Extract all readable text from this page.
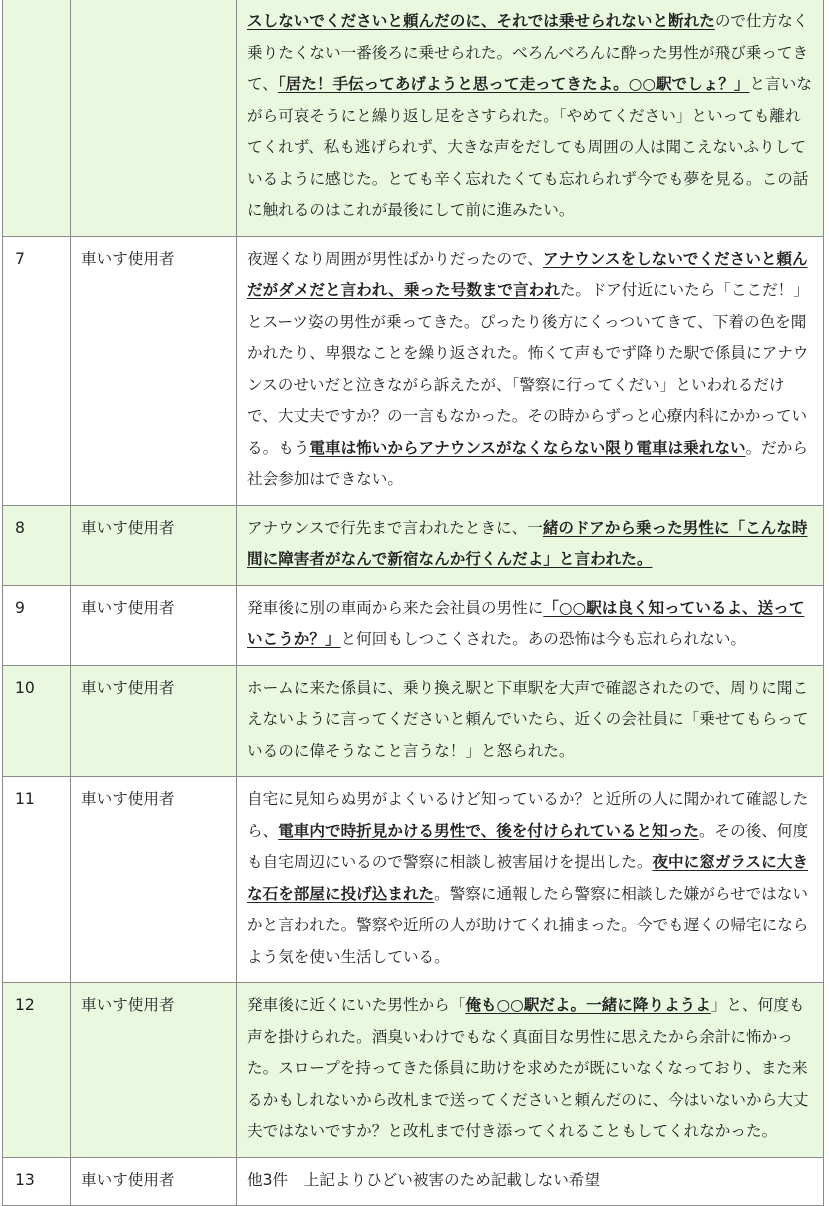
		スしないでくださいと頼んだのに、それでは乗せられないと断れたので仕方なく乗りたくない一番後ろに乗せられた。べろんべろんに酔った男性が飛び乗ってきて、「居た！手伝ってあげようと思って走ってきたよ。○○駅でしょ？」と言いながら可哀そうにと繰り返し足をさすられた。「やめてください」といっても離れてくれず、私も逃げられず、大きな声をだしても周囲の人は聞こえないふりしているように感じた。とても辛く忘れたくても忘れられず今でも夢を見る。この話に触れるのはこれが最後にして前に進みたい。
7	車いす使用者	夜遅くなり周囲が男性ばかりだったので、アナウンスをしないでくださいと頼んだがダメだと言われ、乗った号数まで言われた。ドア付近にいたら「ここだ！」とスーツ姿の男性が乗ってきた。ぴったり後方にくっついてきて、下着の色を聞かれたり、卑猥なことを繰り返された。怖くて声もでず降りた駅で係員にアナウンスのせいだと泣きながら訴えたが、「警察に行ってくだい」といわれるだけで、大丈夫ですか？の一言もなかった。その時からずっと心療内科にかかっている。もう電車は怖いからアナウンスがなくならない限り電車は乗れない。だから社会参加はできない。
8	車いす使用者	アナウンスで行先まで言われたときに、一緒のドアから乗った男性に「こんな時間に障害者がなんで新宿なんか行くんだよ」と言われた。
9	車いす使用者	発車後に別の車両から来た会社員の男性に「○○駅は良く知っているよ、送っていこうか？」と何回もしつこくされた。あの恐怖は今も忘れられない。
10	車いす使用者	ホームに来た係員に、乗り換え駅と下車駅を大声で確認されたので、周りに聞こえないように言ってくださいと頼んでいたら、近くの会社員に「乗せてもらっているのに偉そうなこと言うな！」と怒られた。
11	車いす使用者	自宅に見知らぬ男がよくいるけど知っているか？と近所の人に聞かれて確認したら、電車内で時折見かける男性で、後を付けられていると知った。その後、何度も自宅周辺にいるので警察に相談し被害届けを提出した。夜中に窓ガラスに大きな石を部屋に投げ込まれた。警察に通報したら警察に相談した嫌がらせではないかと言われた。警察や近所の人が助けてくれ捕まった。今でも遅くの帰宅にならよう気を使い生活している。
12	車いす使用者	発車後に近くにいた男性から「俺も○○駅だよ。一緒に降りようよ」と、何度も声を掛けられた。酒臭いわけでもなく真面目な男性に思えたから余計に怖かった。スロープを持ってきた係員に助けを求めたが既にいなくなっており、また来るかもしれないから改札まで送ってくださいと頼んだのに、今はいないから大丈夫ではないですか？と改札まで付き添ってくれることもしてくれなかった。
13	車いす使用者	他3件　上記よりひどい被害のため記載しない希望
